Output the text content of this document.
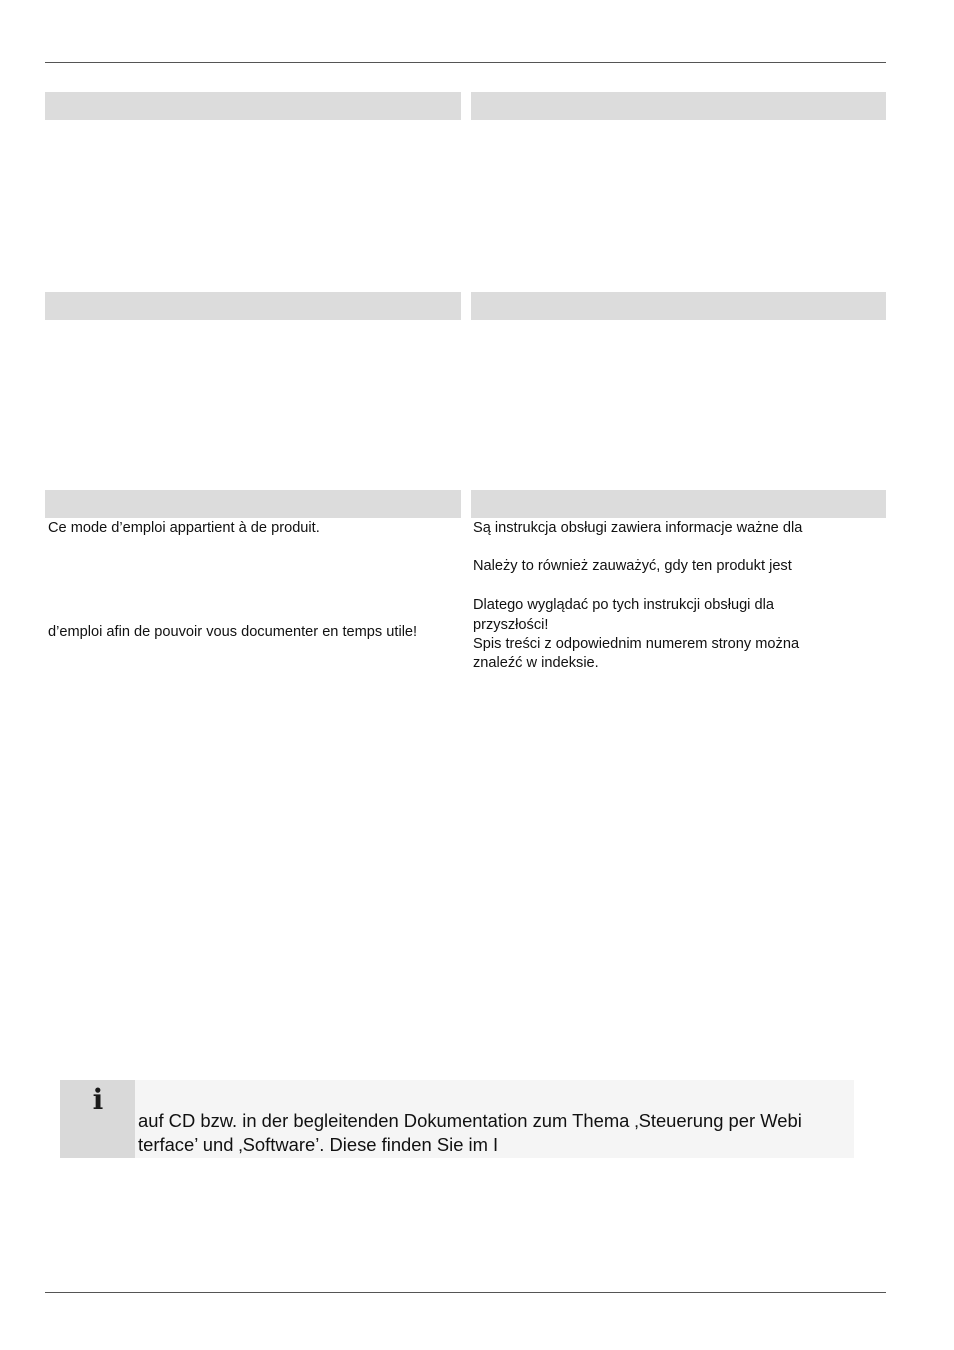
Ce mode d’emploi appartient à de produit.
d’emploi afin de pouvoir vous documenter en temps utile!
Są instrukcja obsługi zawiera informacje ważne dla
Należy to również zauważyć, gdy ten produkt jest
Dlatego wyglądać po tych instrukcji obsługi dla
przyszłości!
Spis treści z odpowiednim numerem strony można
znaleźć w indeksie.
i
auf CD bzw. in der begleitenden Dokumentation zum Thema ‚Steuerung per Webi
terface’ und ‚Software’. Diese finden Sie im I
